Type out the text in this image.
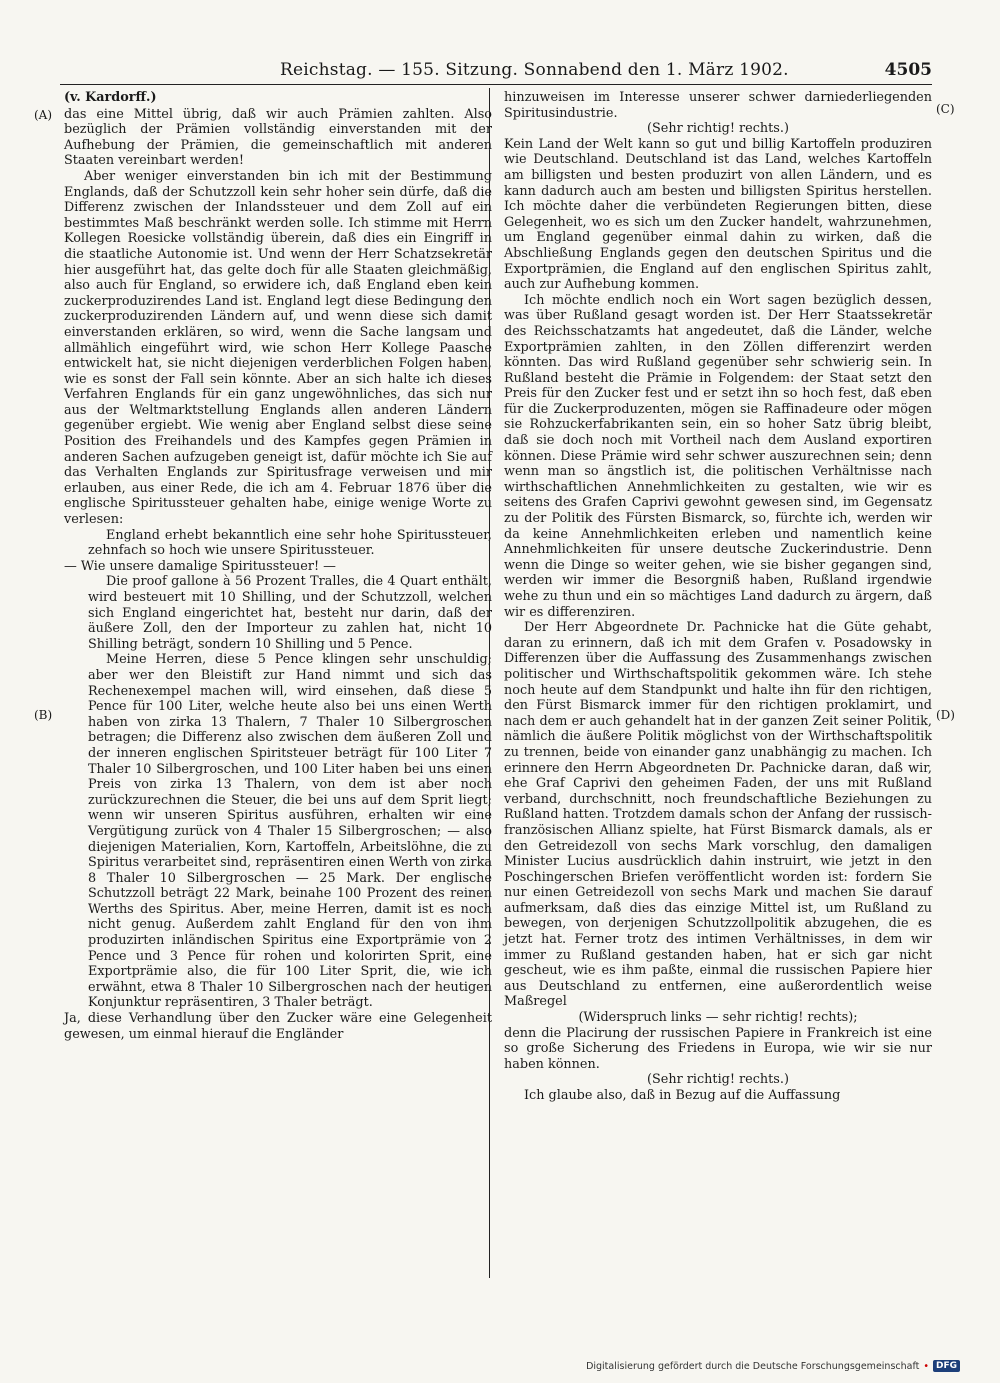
Reichstag. — 155. Sitzung. Sonnabend den 1. März 1902.	4505
(A)
(B)
(C)
(D)

(v. Kardorff.)

das eine Mittel übrig, daß wir auch Prämien zahlten. Also bezüglich der Prämien vollständig einverstanden mit der Aufhebung der Prämien, die gemeinschaftlich mit anderen Staaten vereinbart werden!

Aber weniger einverstanden bin ich mit der Bestimmung Englands, daß der Schutzzoll kein sehr hoher sein dürfe, daß die Differenz zwischen der Inlandssteuer und dem Zoll auf ein bestimmtes Maß beschränkt werden solle. Ich stimme mit Herrn Kollegen Roesicke vollständig überein, daß dies ein Eingriff in die staatliche Autonomie ist. Und wenn der Herr Schatzsekretär hier ausgeführt hat, das gelte doch für alle Staaten gleichmäßig, also auch für England, so erwidere ich, daß England eben kein zuckerproduzirendes Land ist. England legt diese Bedingung den zuckerproduzirenden Ländern auf, und wenn diese sich damit einverstanden erklären, so wird, wenn die Sache langsam und allmählich eingeführt wird, wie schon Herr Kollege Paasche entwickelt hat, sie nicht diejenigen verderblichen Folgen haben, wie es sonst der Fall sein könnte. Aber an sich halte ich dieses Verfahren Englands für ein ganz ungewöhnliches, das sich nur aus der Weltmarktstellung Englands allen anderen Ländern gegenüber ergiebt. Wie wenig aber England selbst diese seine Position des Freihandels und des Kampfes gegen Prämien in anderen Sachen aufzugeben geneigt ist, dafür möchte ich Sie auf das Verhalten Englands zur Spiritusfrage verweisen und mir erlauben, aus einer Rede, die ich am 4. Februar 1876 über die englische Spiritussteuer gehalten habe, einige wenige Worte zu verlesen:

England erhebt bekanntlich eine sehr hohe Spiritussteuer, zehnfach so hoch wie unsere Spiritussteuer.

— Wie unsere damalige Spiritussteuer! —

Die proof gallone à 56 Prozent Tralles, die 4 Quart enthält, wird besteuert mit 10 Shilling, und der Schutzzoll, welchen sich England eingerichtet hat, besteht nur darin, daß der äußere Zoll, den der Importeur zu zahlen hat, nicht 10 Shilling beträgt, sondern 10 Shilling und 5 Pence.

Meine Herren, diese 5 Pence klingen sehr unschuldig; aber wer den Bleistift zur Hand nimmt und sich das Rechenexempel machen will, wird einsehen, daß diese 5 Pence für 100 Liter, welche heute also bei uns einen Werth haben von zirka 13 Thalern, 7 Thaler 10 Silbergroschen betragen; die Differenz also zwischen dem äußeren Zoll und der inneren englischen Spiritsteuer beträgt für 100 Liter 7 Thaler 10 Silbergroschen, und 100 Liter haben bei uns einen Preis von zirka 13 Thalern, von dem ist aber noch zurückzurechnen die Steuer, die bei uns auf dem Sprit liegt; wenn wir unseren Spiritus ausführen, erhalten wir eine Vergütigung zurück von 4 Thaler 15 Silbergroschen; — also diejenigen Materialien, Korn, Kartoffeln, Arbeitslöhne, die zu Spiritus verarbeitet sind, repräsentiren einen Werth von zirka 8 Thaler 10 Silbergroschen — 25 Mark. Der englische Schutzzoll beträgt 22 Mark, beinahe 100 Prozent des reinen Werths des Spiritus. Aber, meine Herren, damit ist es noch nicht genug. Außerdem zahlt England für den von ihm produzirten inländischen Spiritus eine Exportprämie von 2 Pence und 3 Pence für rohen und kolorirten Sprit, eine Exportprämie also, die für 100 Liter Sprit, die, wie ich erwähnt, etwa 8 Thaler 10 Silbergroschen nach der heutigen Konjunktur repräsentiren, 3 Thaler beträgt.

Ja, diese Verhandlung über den Zucker wäre eine Gelegenheit gewesen, um einmal hierauf die Engländer

hinzuweisen im Interesse unserer schwer darniederliegenden Spiritusindustrie.

(Sehr richtig! rechts.)

Kein Land der Welt kann so gut und billig Kartoffeln produziren wie Deutschland. Deutschland ist das Land, welches Kartoffeln am billigsten und besten produzirt von allen Ländern, und es kann dadurch auch am besten und billigsten Spiritus herstellen. Ich möchte daher die verbündeten Regierungen bitten, diese Gelegenheit, wo es sich um den Zucker handelt, wahrzunehmen, um England gegenüber einmal dahin zu wirken, daß die Abschließung Englands gegen den deutschen Spiritus und die Exportprämien, die England auf den englischen Spiritus zahlt, auch zur Aufhebung kommen.

Ich möchte endlich noch ein Wort sagen bezüglich dessen, was über Rußland gesagt worden ist. Der Herr Staatssekretär des Reichsschatzamts hat angedeutet, daß die Länder, welche Exportprämien zahlten, in den Zöllen differenzirt werden könnten. Das wird Rußland gegenüber sehr schwierig sein. In Rußland besteht die Prämie in Folgendem: der Staat setzt den Preis für den Zucker fest und er setzt ihn so hoch fest, daß eben für die Zuckerproduzenten, mögen sie Raffinadeure oder mögen sie Rohzuckerfabrikanten sein, ein so hoher Satz übrig bleibt, daß sie doch noch mit Vortheil nach dem Ausland exportiren können. Diese Prämie wird sehr schwer auszurechnen sein; denn wenn man so ängstlich ist, die politischen Verhältnisse nach wirthschaftlichen Annehmlichkeiten zu gestalten, wie wir es seitens des Grafen Caprivi gewohnt gewesen sind, im Gegensatz zu der Politik des Fürsten Bismarck, so, fürchte ich, werden wir da keine Annehmlichkeiten erleben und namentlich keine Annehmlichkeiten für unsere deutsche Zuckerindustrie. Denn wenn die Dinge so weiter gehen, wie sie bisher gegangen sind, werden wir immer die Besorgniß haben, Rußland irgendwie wehe zu thun und ein so mächtiges Land dadurch zu ärgern, daß wir es differenziren.

Der Herr Abgeordnete Dr. Pachnicke hat die Güte gehabt, daran zu erinnern, daß ich mit dem Grafen v. Posadowsky in Differenzen über die Auffassung des Zusammenhangs zwischen politischer und Wirthschaftspolitik gekommen wäre. Ich stehe noch heute auf dem Standpunkt und halte ihn für den richtigen, den Fürst Bismarck immer für den richtigen proklamirt, und nach dem er auch gehandelt hat in der ganzen Zeit seiner Politik, nämlich die äußere Politik möglichst von der Wirthschaftspolitik zu trennen, beide von einander ganz unabhängig zu machen. Ich erinnere den Herrn Abgeordneten Dr. Pachnicke daran, daß wir, ehe Graf Caprivi den geheimen Faden, der uns mit Rußland verband, durchschnitt, noch freundschaftliche Beziehungen zu Rußland hatten. Trotzdem damals schon der Anfang der russisch-französischen Allianz spielte, hat Fürst Bismarck damals, als er den Getreidezoll von sechs Mark vorschlug, den damaligen Minister Lucius ausdrücklich dahin instruirt, wie jetzt in den Poschingerschen Briefen veröffentlicht worden ist: fordern Sie nur einen Getreidezoll von sechs Mark und machen Sie darauf aufmerksam, daß dies das einzige Mittel ist, um Rußland zu bewegen, von derjenigen Schutzzollpolitik abzugehen, die es jetzt hat. Ferner trotz des intimen Verhältnisses, in dem wir immer zu Rußland gestanden haben, hat er sich gar nicht gescheut, wie es ihm paßte, einmal die russischen Papiere hier aus Deutschland zu entfernen, eine außerordentlich weise Maßregel

(Widerspruch links — sehr richtig! rechts);

denn die Placirung der russischen Papiere in Frankreich ist eine so große Sicherung des Friedens in Europa, wie wir sie nur haben können.

(Sehr richtig! rechts.)

Ich glaube also, daß in Bezug auf die Auffassung

Digitalisierung gefördert durch die Deutsche Forschungsgemeinschaft • DFG
